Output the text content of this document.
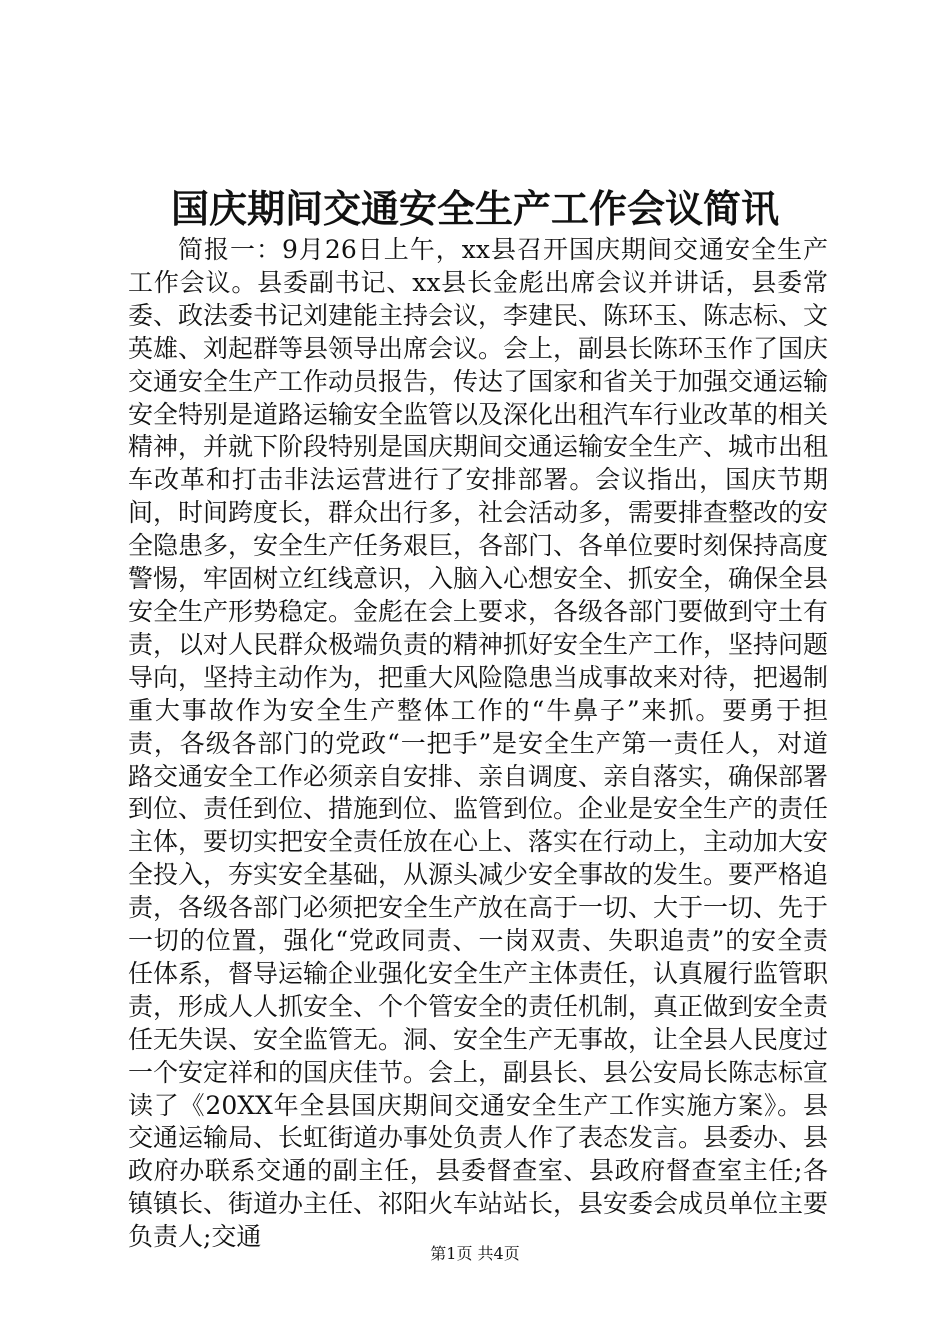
国庆期间交通安全生产工作会议简讯

简报一：9月26日上午，xx县召开国庆期间交通安全生产工作会议。县委副书记、xx县长金彪出席会议并讲话，县委常委、政法委书记刘建能主持会议，李建民、陈环玉、陈志标、文英雄、刘起群等县领导出席会议。会上，副县长陈环玉作了国庆交通安全生产工作动员报告，传达了国家和省关于加强交通运输安全特别是道路运输安全监管以及深化出租汽车行业改革的相关精神，并就下阶段特别是国庆期间交通运输安全生产、城市出租车改革和打击非法运营进行了安排部署。会议指出，国庆节期间，时间跨度长，群众出行多，社会活动多，需要排查整改的安全隐患多，安全生产任务艰巨，各部门、各单位要时刻保持高度警惕，牢固树立红线意识，入脑入心想安全、抓安全，确保全县安全生产形势稳定。金彪在会上要求，各级各部门要做到守土有责，以对人民群众极端负责的精神抓好安全生产工作，坚持问题导向，坚持主动作为，把重大风险隐患当成事故来对待，把遏制重大事故作为安全生产整体工作的“牛鼻子”来抓。要勇于担责，各级各部门的党政“一把手”是安全生产第一责任人，对道路交通安全工作必须亲自安排、亲自调度、亲自落实，确保部署到位、责任到位、措施到位、监管到位。企业是安全生产的责任主体，要切实把安全责任放在心上、落实在行动上，主动加大安全投入，夯实安全基础，从源头减少安全事故的发生。要严格追责，各级各部门必须把安全生产放在高于一切、大于一切、先于一切的位置，强化“党政同责、一岗双责、失职追责”的安全责任体系，督导运输企业强化安全生产主体责任，认真履行监管职责，形成人人抓安全、个个管安全的责任机制，真正做到安全责任无失误、安全监管无。洞、安全生产无事故，让全县人民度过一个安定祥和的国庆佳节。会上，副县长、县公安局长陈志标宣读了《20XX年全县国庆期间交通安全生产工作实施方案》。县交通运输局、长虹街道办事处负责人作了表态发言。县委办、县政府办联系交通的副主任，县委督查室、县政府督查室主任;各镇镇长、街道办主任、祁阳火车站站长，县安委会成员单位主要负责人;交通

第1页 共4页
